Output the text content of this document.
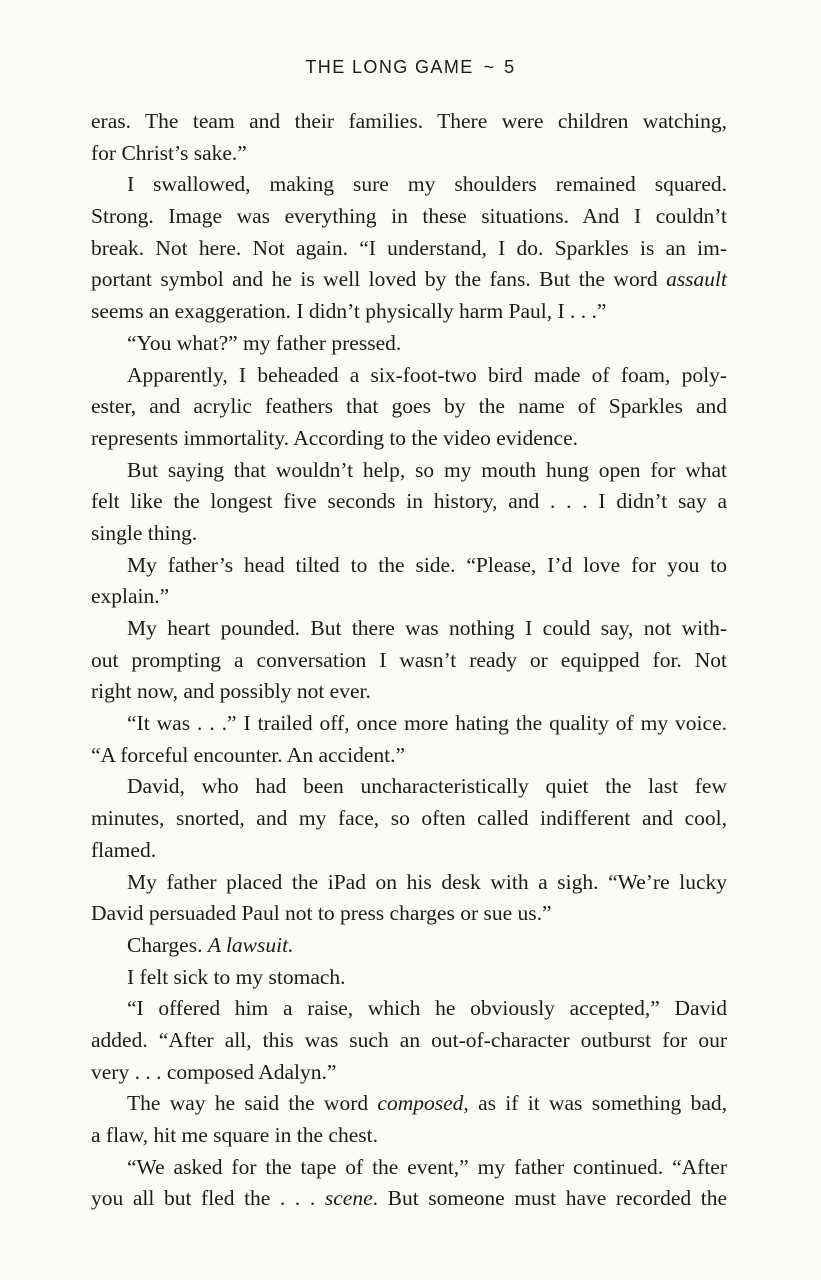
THE LONG GAME ~ 5
eras. The team and their families. There were children watching,
for Christ’s sake.”
I swallowed, making sure my shoulders remained squared.
Strong. Image was everything in these situations. And I couldn’t
break. Not here. Not again. “I understand, I do. Sparkles is an im-
portant symbol and he is well loved by the fans. But the word assault
seems an exaggeration. I didn’t physically harm Paul, I . . .”
“You what?” my father pressed.
Apparently, I beheaded a six-foot-two bird made of foam, poly-
ester, and acrylic feathers that goes by the name of Sparkles and
represents immortality. According to the video evidence.
But saying that wouldn’t help, so my mouth hung open for what
felt like the longest five seconds in history, and . . . I didn’t say a
single thing.
My father’s head tilted to the side. “Please, I’d love for you to
explain.”
My heart pounded. But there was nothing I could say, not with-
out prompting a conversation I wasn’t ready or equipped for. Not
right now, and possibly not ever.
“It was . . .” I trailed off, once more hating the quality of my voice.
“A forceful encounter. An accident.”
David, who had been uncharacteristically quiet the last few
minutes, snorted, and my face, so often called indifferent and cool,
flamed.
My father placed the iPad on his desk with a sigh. “We’re lucky
David persuaded Paul not to press charges or sue us.”
Charges. A lawsuit.
I felt sick to my stomach.
“I offered him a raise, which he obviously accepted,” David
added. “After all, this was such an out-of-character outburst for our
very . . . composed Adalyn.”
The way he said the word composed, as if it was something bad,
a flaw, hit me square in the chest.
“We asked for the tape of the event,” my father continued. “After
you all but fled the . . . scene. But someone must have recorded the
